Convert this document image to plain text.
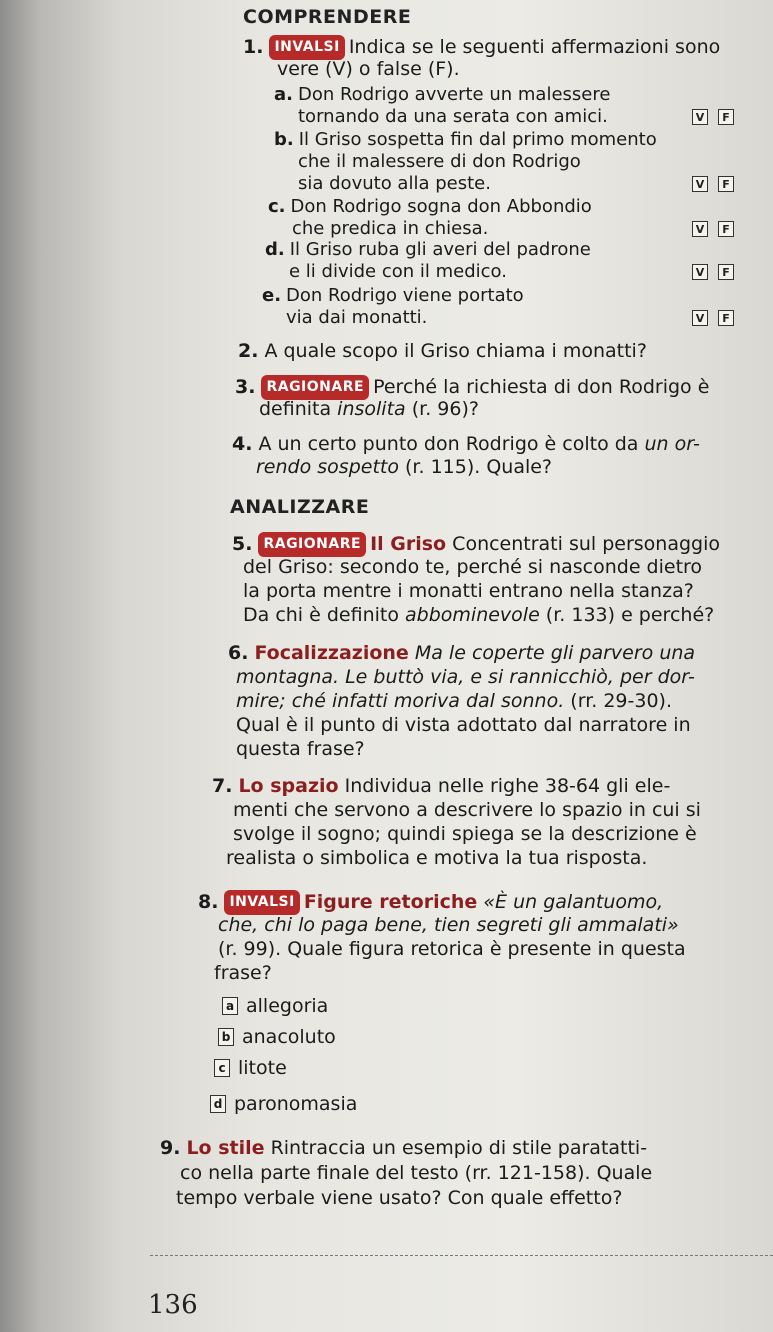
COMPRENDERE
1. INVALSI Indica se le seguenti affermazioni sono
vere (V) o false (F).
a. Don Rodrigo avverte un malessere
tornando da una serata con amici.	V	F
b. Il Griso sospetta fin dal primo momento
che il malessere di don Rodrigo
sia dovuto alla peste.	V	F
c. Don Rodrigo sogna don Abbondio
che predica in chiesa.	V	F
d. Il Griso ruba gli averi del padrone
e li divide con il medico.	V	F
e. Don Rodrigo viene portato
via dai monatti.	V	F
2. A quale scopo il Griso chiama i monatti?
3. RAGIONARE Perché la richiesta di don Rodrigo è
definita insolita (r. 96)?
4. A un certo punto don Rodrigo è colto da un or-
rendo sospetto (r. 115). Quale?
ANALIZZARE
5. RAGIONARE Il Griso Concentrati sul personaggio
del Griso: secondo te, perché si nasconde dietro
la porta mentre i monatti entrano nella stanza?
Da chi è definito abbominevole (r. 133) e perché?
6. Focalizzazione Ma le coperte gli parvero una
montagna. Le buttò via, e si rannicchiò, per dor-
mire; ché infatti moriva dal sonno. (rr. 29-30).
Qual è il punto di vista adottato dal narratore in
questa frase?
7. Lo spazio Individua nelle righe 38-64 gli ele-
menti che servono a descrivere lo spazio in cui si
svolge il sogno; quindi spiega se la descrizione è
realista o simbolica e motiva la tua risposta.
8. INVALSI Figure retoriche «È un galantuomo,
che, chi lo paga bene, tien segreti gli ammalati»
(r. 99). Quale figura retorica è presente in questa
frase?
a allegoria
b anacoluto
c litote
d paronomasia
9. Lo stile Rintraccia un esempio di stile paratatti-
co nella parte finale del testo (rr. 121-158). Quale
tempo verbale viene usato? Con quale effetto?
136
